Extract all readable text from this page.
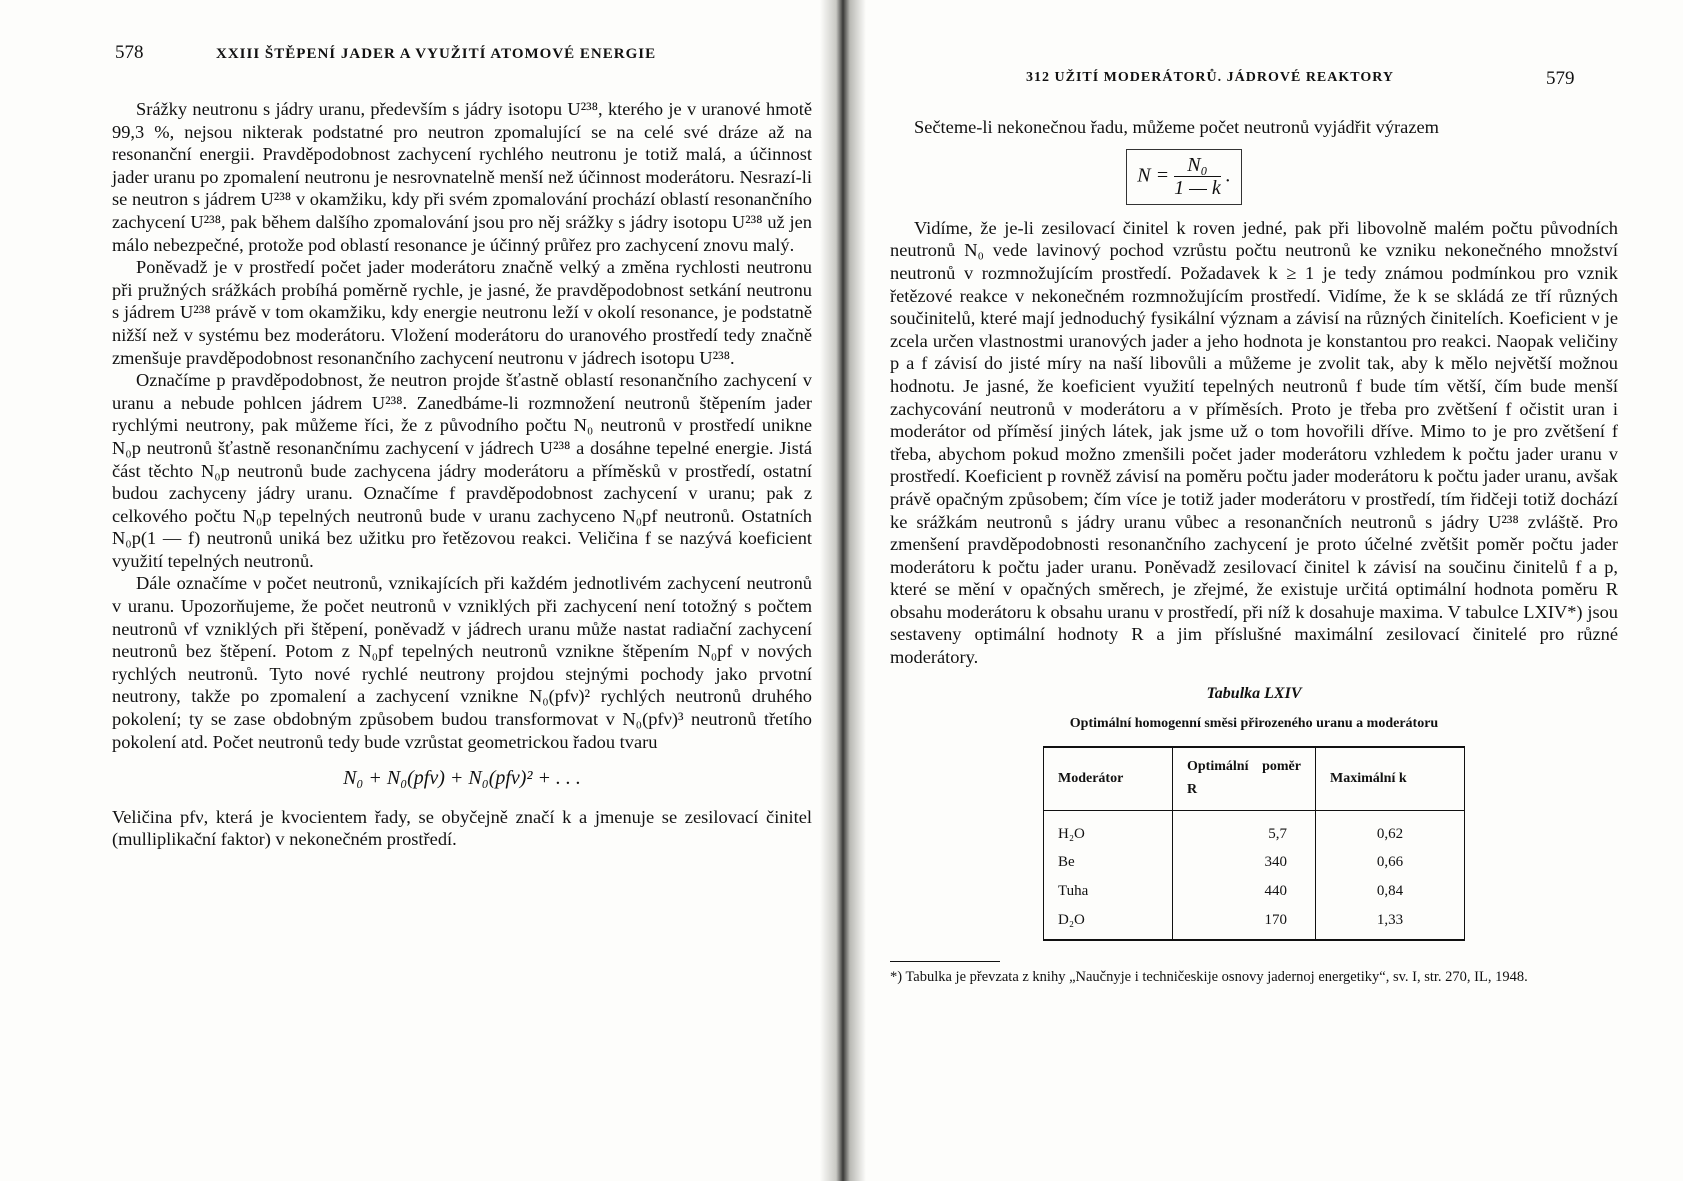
578	XXIII ŠTĚPENÍ JADER A VYUŽITÍ ATOMOVÉ ENERGIE

Srážky neutronu s jádry uranu, především s jádry isotopu U²³⁸, kterého je v uranové hmotě 99,3 %, nejsou nikterak podstatné pro neutron zpomalující se na celé své dráze až na resonanční energii. Pravděpodobnost zachycení rychlého neutronu je totiž malá, a účinnost jader uranu po zpomalení neutronu je nesrovnatelně menší než účinnost moderátoru. Nesrazí-li se neutron s jádrem U²³⁸ v okamžiku, kdy při svém zpomalování prochází oblastí resonančního zachycení U²³⁸, pak během dalšího zpomalování jsou pro něj srážky s jádry isotopu U²³⁸ už jen málo nebezpečné, protože pod oblastí resonance je účinný průřez pro zachycení znovu malý.

Poněvadž je v prostředí počet jader moderátoru značně velký a změna rychlosti neutronu při pružných srážkách probíhá poměrně rychle, je jasné, že pravděpodobnost setkání neutronu s jádrem U²³⁸ právě v tom okamžiku, kdy energie neutronu leží v okolí resonance, je podstatně nižší než v systému bez moderátoru. Vložení moderátoru do uranového prostředí tedy značně zmenšuje pravděpodobnost resonančního zachycení neutronu v jádrech isotopu U²³⁸.

Označíme p pravděpodobnost, že neutron projde šťastně oblastí resonančního zachycení v uranu a nebude pohlcen jádrem U²³⁸. Zanedbáme-li rozmnožení neutronů štěpením jader rychlými neutrony, pak můžeme říci, že z původního počtu N₀ neutronů v prostředí unikne N₀p neutronů šťastně resonančnímu zachycení v jádrech U²³⁸ a dosáhne tepelné energie. Jistá část těchto N₀p neutronů bude zachycena jádry moderátoru a příměsků v prostředí, ostatní budou zachyceny jádry uranu. Označíme f pravděpodobnost zachycení v uranu; pak z celkového počtu N₀p tepelných neutronů bude v uranu zachyceno N₀pf neutronů. Ostatních N₀p(1 — f) neutronů uniká bez užitku pro řetězovou reakci. Veličina f se nazývá koeficient využití tepelných neutronů.

Dále označíme ν počet neutronů, vznikajících při každém jednotlivém zachycení neutronů v uranu. Upozorňujeme, že počet neutronů ν vzniklých při zachycení není totožný s počtem neutronů νf vzniklých při štěpení, poněvadž v jádrech uranu může nastat radiační zachycení neutronů bez štěpení. Potom z N₀pf tepelných neutronů vznikne štěpením N₀pf ν nových rychlých neutronů. Tyto nové rychlé neutrony projdou stejnými pochody jako prvotní neutrony, takže po zpomalení a zachycení vznikne N₀(pfν)² rychlých neutronů druhého pokolení; ty se zase obdobným způsobem budou transformovat v N₀(pfν)³ neutronů třetího pokolení atd. Počet neutronů tedy bude vzrůstat geometrickou řadou tvaru

N₀ + N₀(pfν) + N₀(pfν)² + . . .

Veličina pfν, která je kvocientem řady, se obyčejně značí k a jmenuje se zesilovací činitel (mulliplikační faktor) v nekonečném prostředí.

312 UŽITÍ MODERÁTORŮ. JÁDROVÉ REAKTORY	579

Sečteme-li nekonečnou řadu, můžeme počet neutronů vyjádřit výrazem

$N = \frac{\text{N₀}}{1 — k}$ .

Vidíme, že je-li zesilovací činitel k roven jedné, pak při libovolně malém počtu původních neutronů N₀ vede lavinový pochod vzrůstu počtu neutronů ke vzniku nekonečného množství neutronů v rozmnožujícím prostředí. Požadavek k ≥ 1 je tedy známou podmínkou pro vznik řetězové reakce v nekonečném rozmnožujícím prostředí. Vidíme, že k se skládá ze tří různých součinitelů, které mají jednoduchý fysikální význam a závisí na různých činitelích. Koeficient ν je zcela určen vlastnostmi uranových jader a jeho hodnota je konstantou pro reakci. Naopak veličiny p a f závisí do jisté míry na naší libovůli a můžeme je zvolit tak, aby k mělo největší možnou hodnotu. Je jasné, že koeficient využití tepelných neutronů f bude tím větší, čím bude menší zachycování neutronů v moderátoru a v příměsích. Proto je třeba pro zvětšení f očistit uran i moderátor od příměsí jiných látek, jak jsme už o tom hovořili dříve. Mimo to je pro zvětšení f třeba, abychom pokud možno zmenšili počet jader moderátoru vzhledem k počtu jader uranu v prostředí. Koeficient p rovněž závisí na poměru počtu jader moderátoru k počtu jader uranu, avšak právě opačným způsobem; čím více je totiž jader moderátoru v prostředí, tím řidčeji totiž dochází ke srážkám neutronů s jádry uranu vůbec a resonančních neutronů s jádry U²³⁸ zvláště. Pro zmenšení pravděpodobnosti resonančního zachycení je proto účelné zvětšit poměr počtu jader moderátoru k počtu jader uranu. Poněvadž zesilovací činitel k závisí na součinu činitelů f a p, které se mění v opačných směrech, je zřejmé, že existuje určitá optimální hodnota poměru R obsahu moderátoru k obsahu uranu v prostředí, při níž k dosahuje maxima. V tabulce LXIV*) jsou sestaveny optimální hodnoty R a jim příslušné maximální zesilovací činitelé pro různé moderátory.

Tabulka LXIV
Optimální homogenní směsi přirozeného uranu a moderátoru
Moderátor	Optimální poměr R	Maximální k
H₂O	5,7	0,62
Be	340	0,66
Tuha	440	0,84
D₂O	170	1,33
*) Tabulka je převzata z knihy „Naučnyje i techničeskije osnovy jadernoj energetiky“, sv. I, str. 270, IL, 1948.
